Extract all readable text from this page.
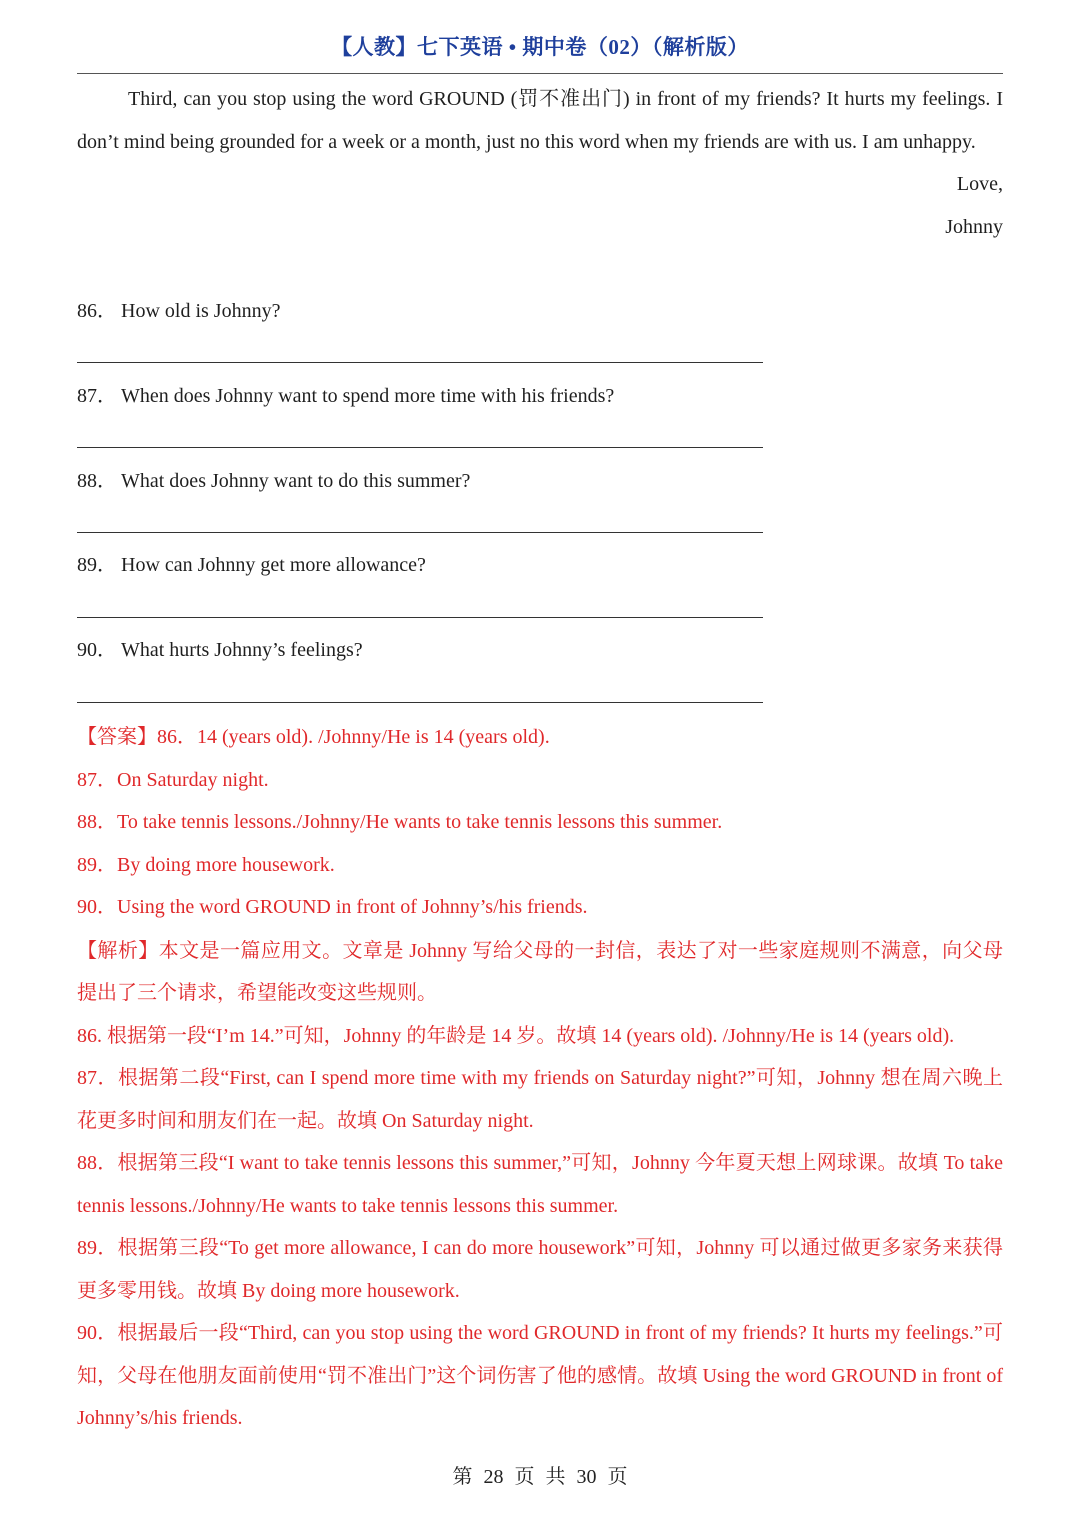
【人教】七下英语 • 期中卷（02）（解析版）

Third, can you stop using the word GROUND (罚不准出门) in front of my friends? It hurts my feelings. I don’t mind being grounded for a week or a month, just no this word when my friends are with us. I am unhappy.

Love,
Johnny
86． How old is Johnny?
87． When does Johnny want to spend more time with his friends?
88． What does Johnny want to do this summer?
89． How can Johnny get more allowance?
90． What hurts Johnny’s feelings?
【答案】86．14 (years old). /Johnny/He is 14 (years old).
87．On Saturday night.
88．To take tennis lessons./Johnny/He wants to take tennis lessons this summer.
89．By doing more housework.
90．Using the word GROUND in front of Johnny’s/his friends.
【解析】本文是一篇应用文。文章是 Johnny 写给父母的一封信，表达了对一些家庭规则不满意，向父母提出了三个请求，希望能改变这些规则。
86. 根据第一段“I’m 14.”可知，Johnny 的年龄是 14 岁。故填 14 (years old). /Johnny/He is 14 (years old).
87．根据第二段“First, can I spend more time with my friends on Saturday night?”可知，Johnny 想在周六晚上花更多时间和朋友们在一起。故填 On Saturday night.
88．根据第三段“I want to take tennis lessons this summer,”可知，Johnny 今年夏天想上网球课。故填 To take tennis lessons./Johnny/He wants to take tennis lessons this summer.
89．根据第三段“To get more allowance, I can do more housework”可知，Johnny 可以通过做更多家务来获得更多零用钱。故填 By doing more housework.
90．根据最后一段“Third, can you stop using the word GROUND in front of my friends? It hurts my feelings.”可知，父母在他朋友面前使用“罚不准出门”这个词伤害了他的感情。故填 Using the word GROUND in front of Johnny’s/his friends.
第 28 页 共 30 页
